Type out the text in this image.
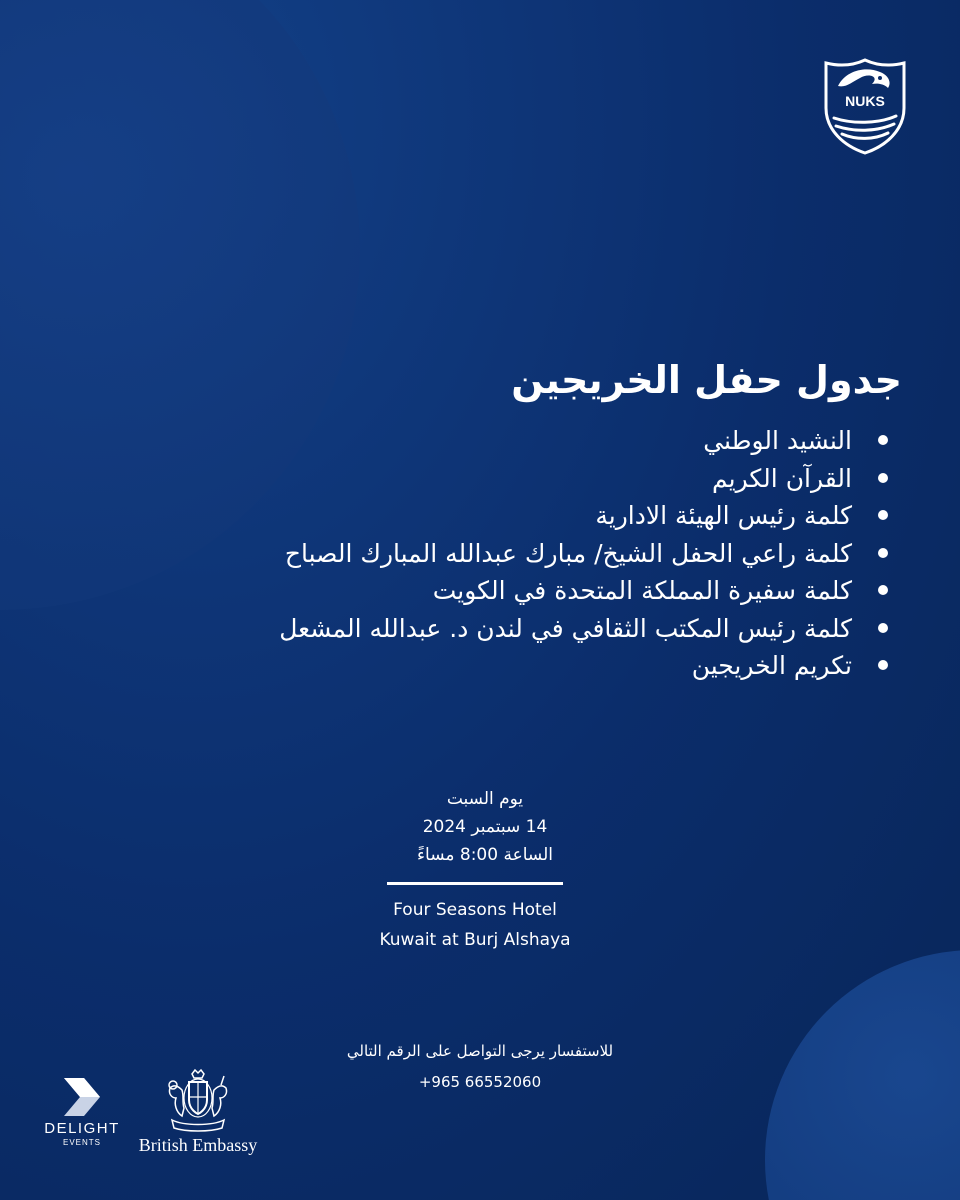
NUKS
جدول حفل الخريجين
النشيد الوطني
القرآن الكريم
كلمة رئيس الهيئة الادارية
كلمة راعي الحفل الشيخ/ مبارك عبدالله المبارك الصباح
كلمة سفيرة المملكة المتحدة في الكويت
كلمة رئيس المكتب الثقافي في لندن د. عبدالله المشعل
تكريم الخريجين
يوم السبت
14 سبتمبر 2024
الساعة 8:00 مساءً
Four Seasons Hotel
Kuwait at Burj Alshaya
للاستفسار يرجى التواصل على الرقم التالي
+965 66552060
DELIGHT
EVENTS	British Embassy
